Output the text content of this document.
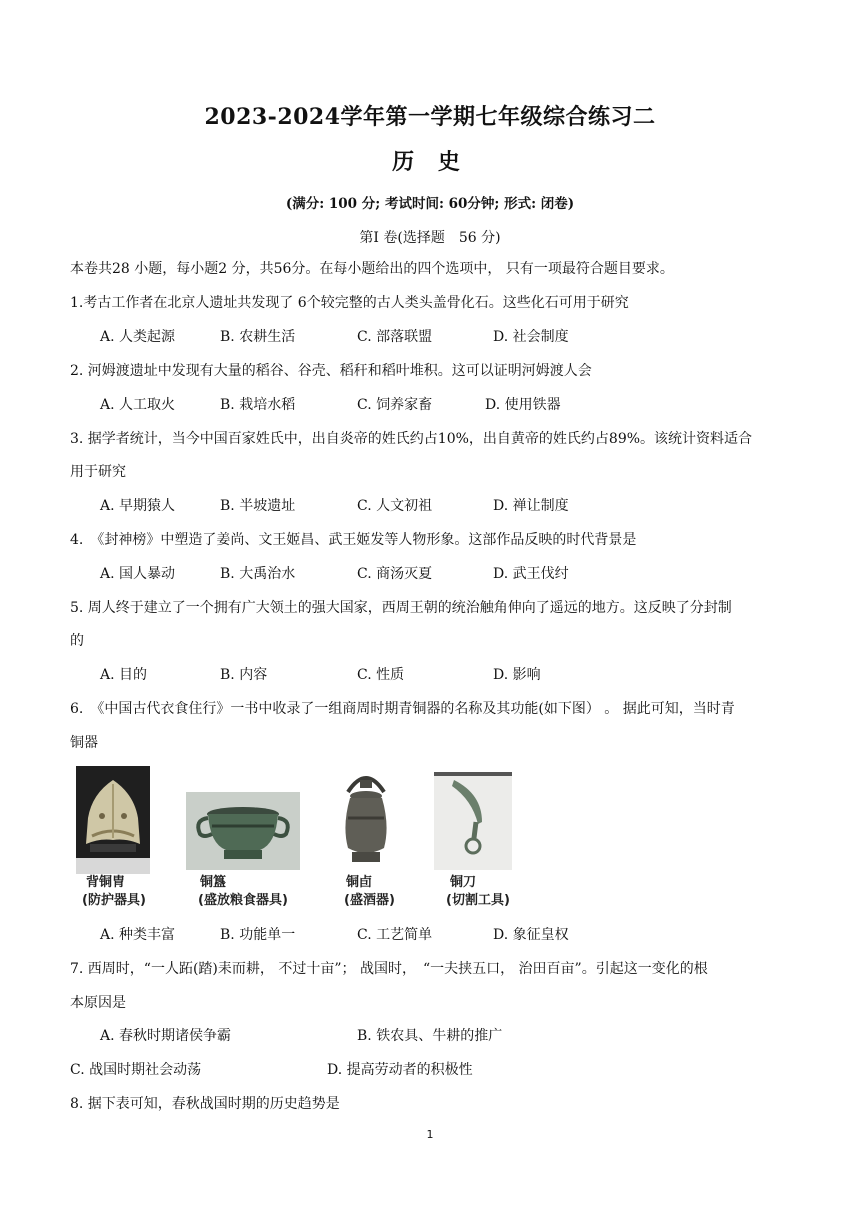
2023-2024学年第一学期七年级综合练习二
历 史
(满分: 100 分; 考试时间: 60分钟; 形式: 闭卷)
第Ⅰ 卷(选择题　56 分)
本卷共28 小题，每小题2 分，共56分。在每小题给出的四个选项中， 只有一项最符合题目要求。
1.考古工作者在北京人遗址共发现了 6个较完整的古人类头盖骨化石。这些化石可用于研究
A. 人类起源	B. 农耕生活	C. 部落联盟	D. 社会制度
2. 河姆渡遗址中发现有大量的稻谷、谷壳、稻秆和稻叶堆积。这可以证明河姆渡人会
A. 人工取火	B. 栽培水稻	C. 饲养家畜	D. 使用铁器
3. 据学者统计，当今中国百家姓氏中，出自炎帝的姓氏约占10%，出自黄帝的姓氏约占89%。该统计资料适合
用于研究
A. 早期猿人	B. 半坡遗址	C. 人文初祖	D. 禅让制度
4.　《封神榜》中塑造了姜尚、文王姬昌、武王姬发等人物形象。这部作品反映的时代背景是
A. 国人暴动	B. 大禹治水	C. 商汤灭夏	D. 武王伐纣
5. 周人终于建立了一个拥有广大领土的强大国家，西周王朝的统治触角伸向了遥远的地方。这反映了分封制
的
A. 目的	B. 内容	C. 性质	D. 影响
6.　《中国古代衣食住行》一书中收录了一组商周时期青铜器的名称及其功能(如下图） 。 据此可知，当时青
铜器
背铜胄
(防护器具)
铜簋
(盛放粮食器具)
铜卣
(盛酒器)
铜刀
(切割工具)
A. 种类丰富	B. 功能单一	C. 工艺简单	D. 象征皇权
7. 西周时，“一人跖(踏)耒而耕， 不过十亩”； 战国时，　“一夫挟五口， 治田百亩”。引起这一变化的根
本原因是
A. 春秋时期诸侯争霸	B. 铁农具、牛耕的推广
C. 战国时期社会动荡	D. 提高劳动者的积极性
8. 据下表可知，春秋战国时期的历史趋势是
1
